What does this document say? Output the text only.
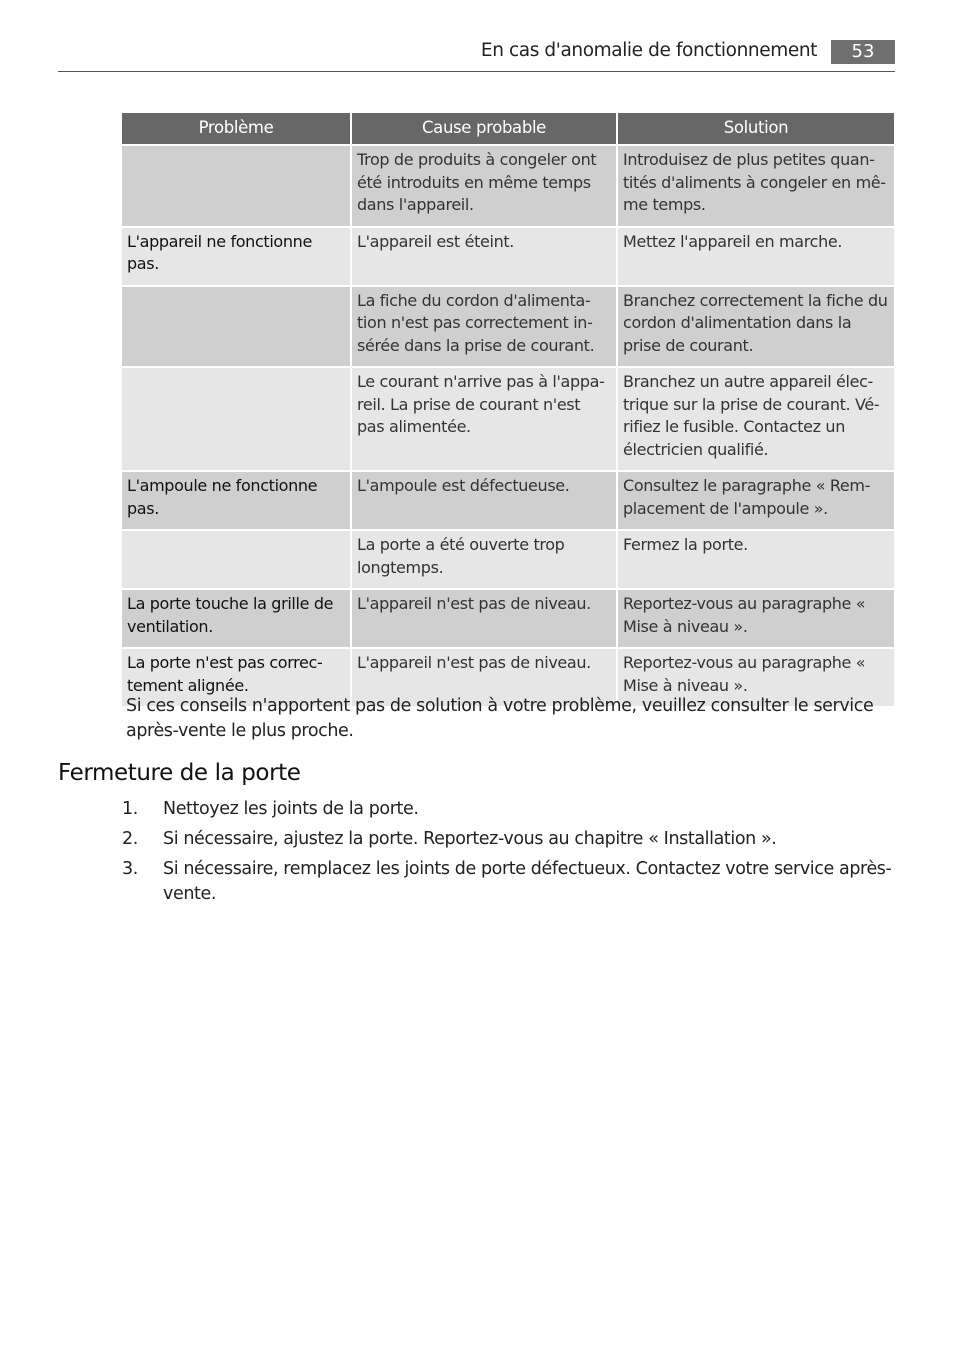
En cas d'anomalie de fonctionnement	53
Problème	Cause probable	Solution
	Trop de produits à congeler ont été introduits en même temps dans l'appareil.	Introduisez de plus petites quan-tités d'aliments à congeler en mê-me temps.
L'appareil ne fonctionne pas.	L'appareil est éteint.	Mettez l'appareil en marche.
	La fiche du cordon d'alimenta-tion n'est pas correctement in-sérée dans la prise de courant.	Branchez correctement la fiche du cordon d'alimentation dans la prise de courant.
	Le courant n'arrive pas à l'appa-reil. La prise de courant n'est pas alimentée.	Branchez un autre appareil élec-trique sur la prise de courant. Vé-rifiez le fusible. Contactez un électricien qualifié.
L'ampoule ne fonctionne pas.	L'ampoule est défectueuse.	Consultez le paragraphe « Rem-placement de l'ampoule ».
	La porte a été ouverte trop longtemps.	Fermez la porte.
La porte touche la grille de ventilation.	L'appareil n'est pas de niveau.	Reportez-vous au paragraphe « Mise à niveau ».
La porte n'est pas correc-tement alignée.	L'appareil n'est pas de niveau.	Reportez-vous au paragraphe « Mise à niveau ».

Si ces conseils n'apportent pas de solution à votre problème, veuillez consulter le service après-vente le plus proche.

Fermeture de la porte
1. Nettoyez les joints de la porte.
2. Si nécessaire, ajustez la porte. Reportez-vous au chapitre « Installation ».
3. Si nécessaire, remplacez les joints de porte défectueux. Contactez votre service après-vente.
